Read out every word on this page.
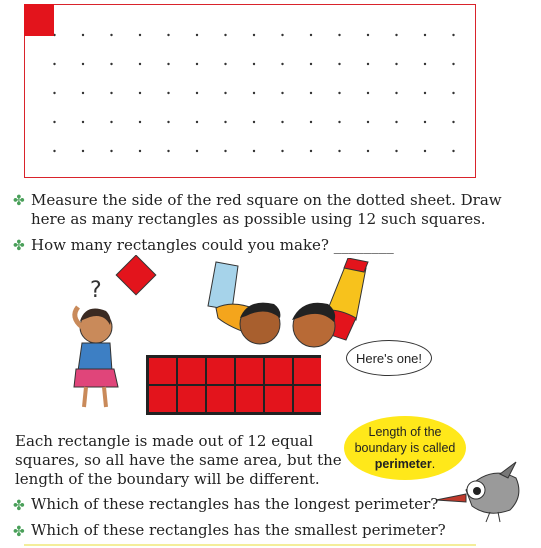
✤ Measure the side of the red square on the dotted sheet. Draw
here as many rectangles as possible using 12 such squares.
✤ How many rectangles could you make? ________
?
Here's one!
Each rectangle is made out of 12 equal
squares, so all have the same area, but the
length of the boundary will be different.
Length of the
boundary is called
perimeter.
✤ Which of these rectangles has the longest perimeter?
✤ Which of these rectangles has the smallest perimeter?
